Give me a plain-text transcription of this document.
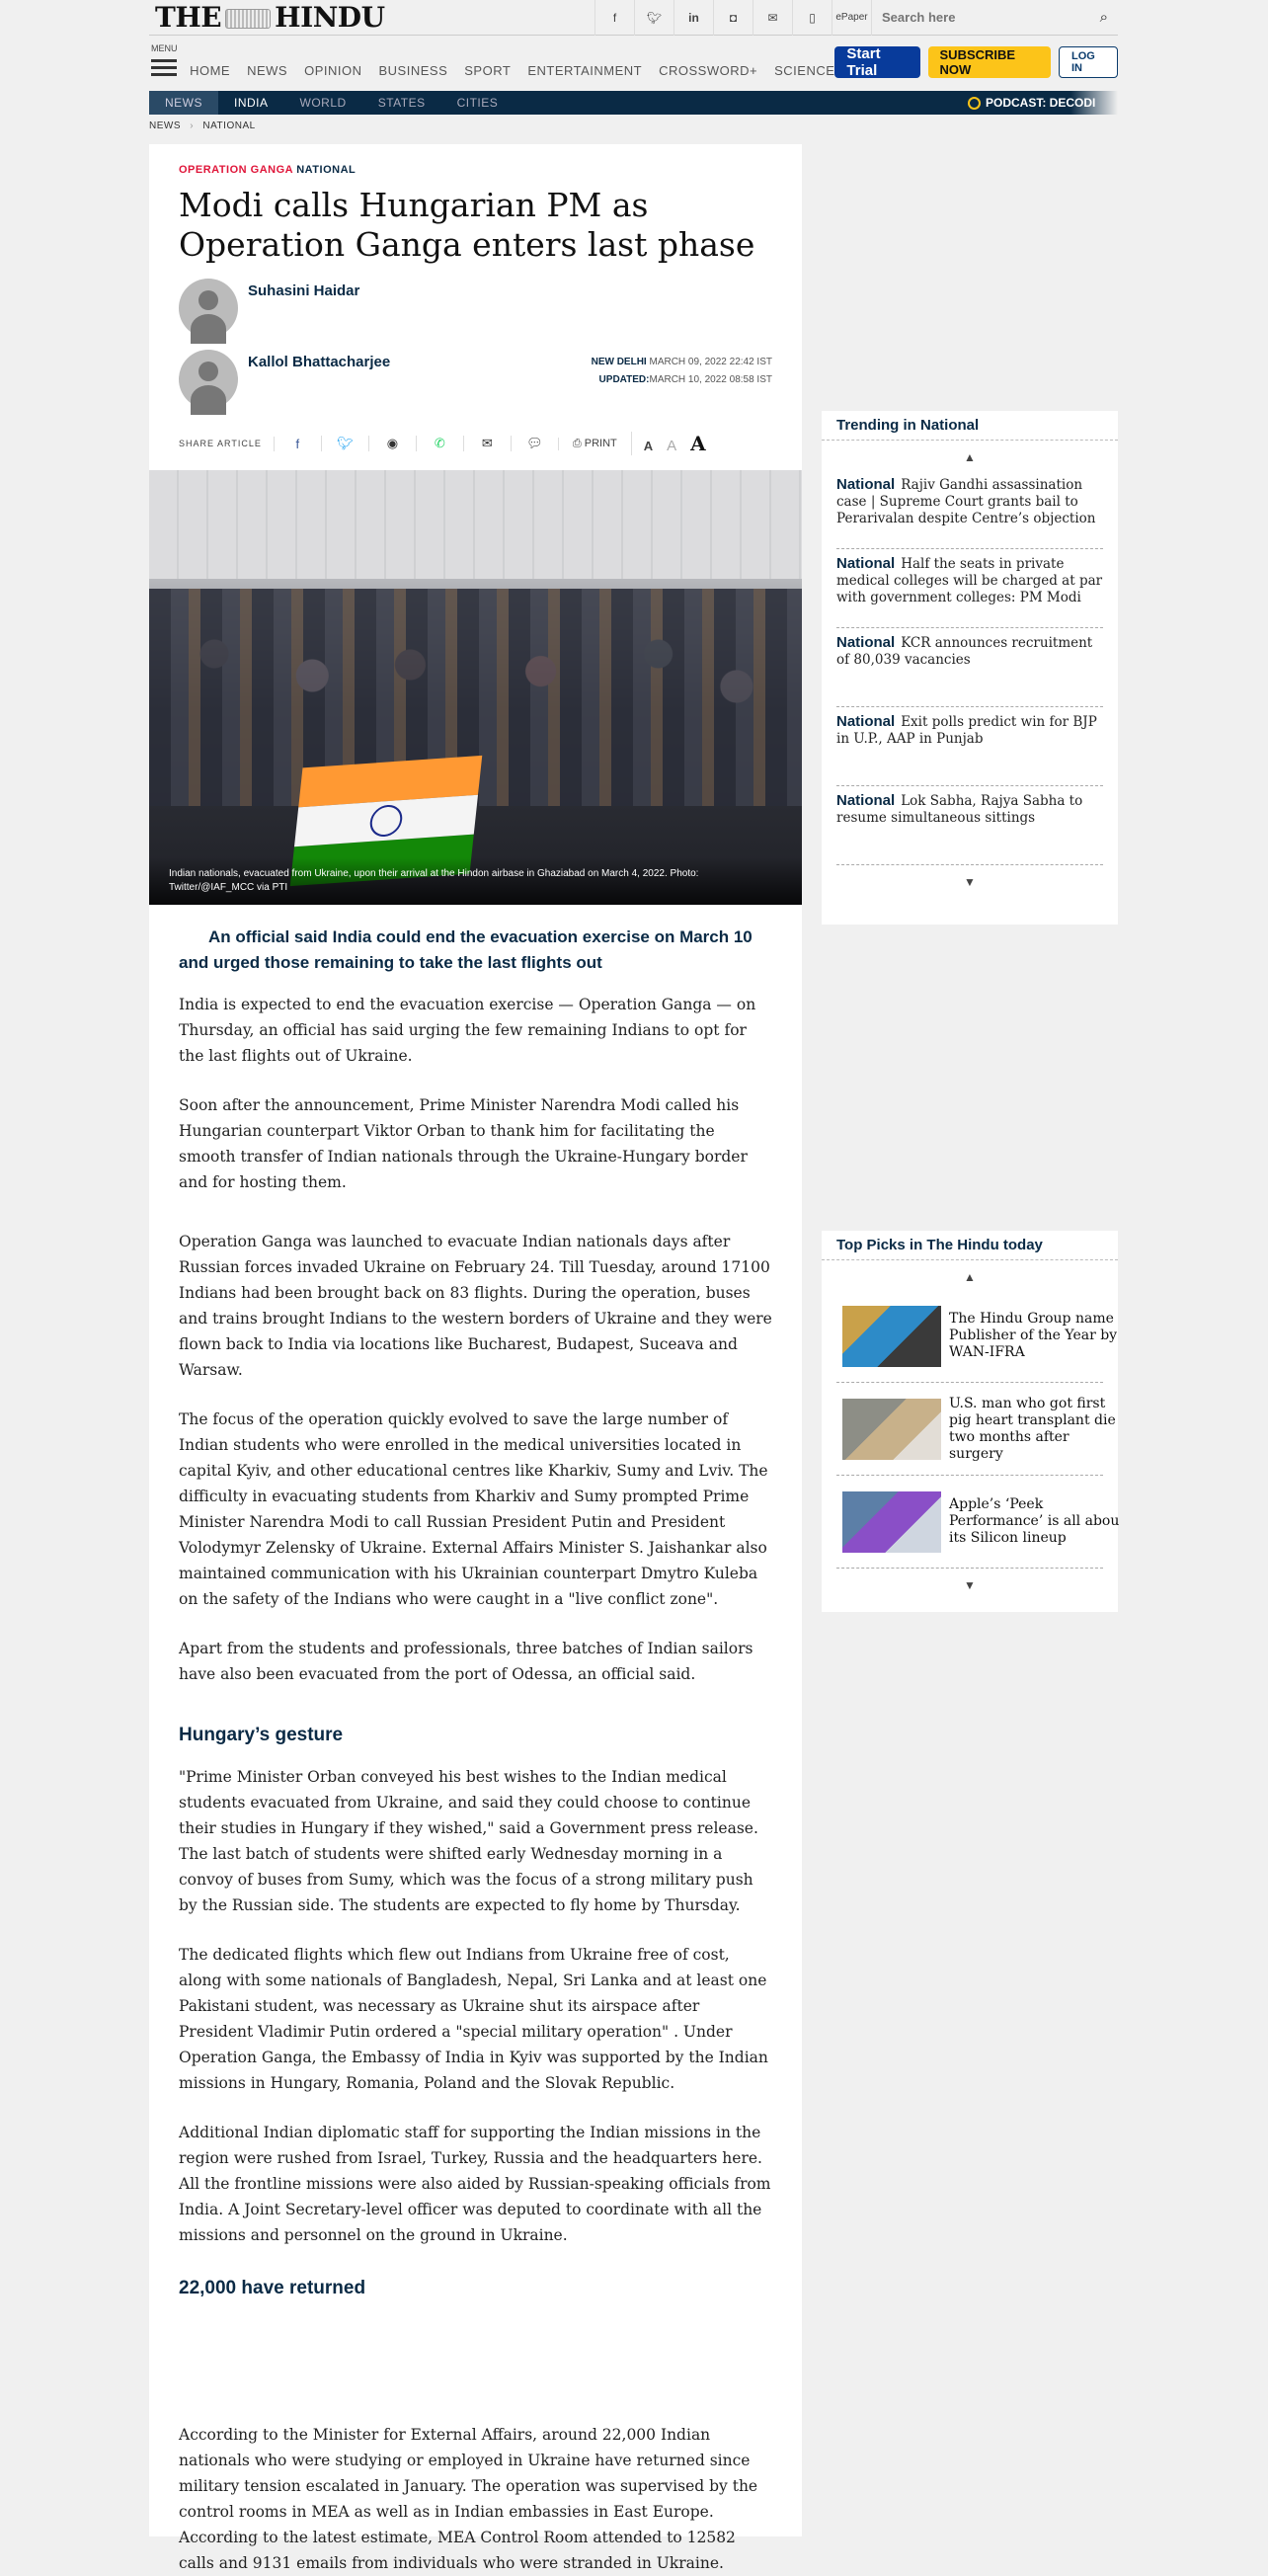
THE HINDU	f	🐦︎	in	◘	✉	▯	ePaper
Search here	⌕
MENU
HOME NEWS OPINION BUSINESS SPORT ENTERTAINMENT CROSSWORD+ SCIENCE
Start Trial
SUBSCRIBE NOW
LOG IN
NEWS	INDIA	WORLD	STATES	CITIES	PODCAST: DECODI
NEWS › NATIONAL
OPERATION GANGA NATIONAL
Modi calls Hungarian PM as Operation Ganga enters last phase
Suhasini Haidar
Kallol Bhattacharjee	NEW DELHI MARCH 09, 2022 22:42 IST
UPDATED:MARCH 10, 2022 08:58 IST
SHARE ARTICLE	f	🐦︎	◉	✆	✉	💬︎	⎙ PRINT	A A A
Indian nationals, evacuated from Ukraine, upon their arrival at the Hindon airbase in Ghaziabad on March 4, 2022. Photo: Twitter/@IAF_MCC via PTI
An official said India could end the evacuation exercise on March 10 and urged those remaining to take the last flights out

India is expected to end the evacuation exercise — Operation Ganga — on Thursday, an official has said urging the few remaining Indians to opt for the last flights out of Ukraine.

Soon after the announcement, Prime Minister Narendra Modi called his Hungarian counterpart Viktor Orban to thank him for facilitating the smooth transfer of Indian nationals through the Ukraine-Hungary border and for hosting them.

Operation Ganga was launched to evacuate Indian nationals days after Russian forces invaded Ukraine on February 24. Till Tuesday, around 17100 Indians had been brought back on 83 flights. During the operation, buses and trains brought Indians to the western borders of Ukraine and they were flown back to India via locations like Bucharest, Budapest, Suceava and Warsaw.

The focus of the operation quickly evolved to save the large number of Indian students who were enrolled in the medical universities located in capital Kyiv, and other educational centres like Kharkiv, Sumy and Lviv. The difficulty in evacuating students from Kharkiv and Sumy prompted Prime Minister Narendra Modi to call Russian President Putin and President Volodymyr Zelensky of Ukraine. External Affairs Minister S. Jaishankar also maintained communication with his Ukrainian counterpart Dmytro Kuleba on the safety of the Indians who were caught in a "live conflict zone".

Apart from the students and professionals, three batches of Indian sailors have also been evacuated from the port of Odessa, an official said.

Hungary’s gesture

"Prime Minister Orban conveyed his best wishes to the Indian medical students evacuated from Ukraine, and said they could choose to continue their studies in Hungary if they wished," said a Government press release. The last batch of students were shifted early Wednesday morning in a convoy of buses from Sumy, which was the focus of a strong military push by the Russian side. The students are expected to fly home by Thursday.

The dedicated flights which flew out Indians from Ukraine free of cost, along with some nationals of Bangladesh, Nepal, Sri Lanka and at least one Pakistani student, was necessary as Ukraine shut its airspace after President Vladimir Putin ordered a "special military operation" . Under Operation Ganga, the Embassy of India in Kyiv was supported by the Indian missions in Hungary, Romania, Poland and the Slovak Republic.

Additional Indian diplomatic staff for supporting the Indian missions in the region were rushed from Israel, Turkey, Russia and the headquarters here. All the frontline missions were also aided by Russian-speaking officials from India. A Joint Secretary-level officer was deputed to coordinate with all the missions and personnel on the ground in Ukraine.

22,000 have returned

According to the Minister for External Affairs, around 22,000 Indian nationals who were studying or employed in Ukraine have returned since military tension escalated in January. The operation was supervised by the control rooms in MEA as well as in Indian embassies in East Europe. According to the latest estimate, MEA Control Room attended to 12582 calls and 9131 emails from individuals who were stranded in Ukraine.

Trending in National
▲
National Rajiv Gandhi assassination case | Supreme Court grants bail to Perarivalan despite Centre’s objection
National Half the seats in private medical colleges will be charged at par with government colleges: PM Modi
National KCR announces recruitment of 80,039 vacancies
National Exit polls predict win for BJP in U.P., AAP in Punjab
National Lok Sabha, Rajya Sabha to resume simultaneous sittings
▼
Top Picks in The Hindu today
▲
The Hindu Group name
Publisher of the Year by
WAN-IFRA
U.S. man who got first
pig heart transplant die
two months after
surgery
Apple’s ‘Peek
Performance’ is all abou
its Silicon lineup
▼
